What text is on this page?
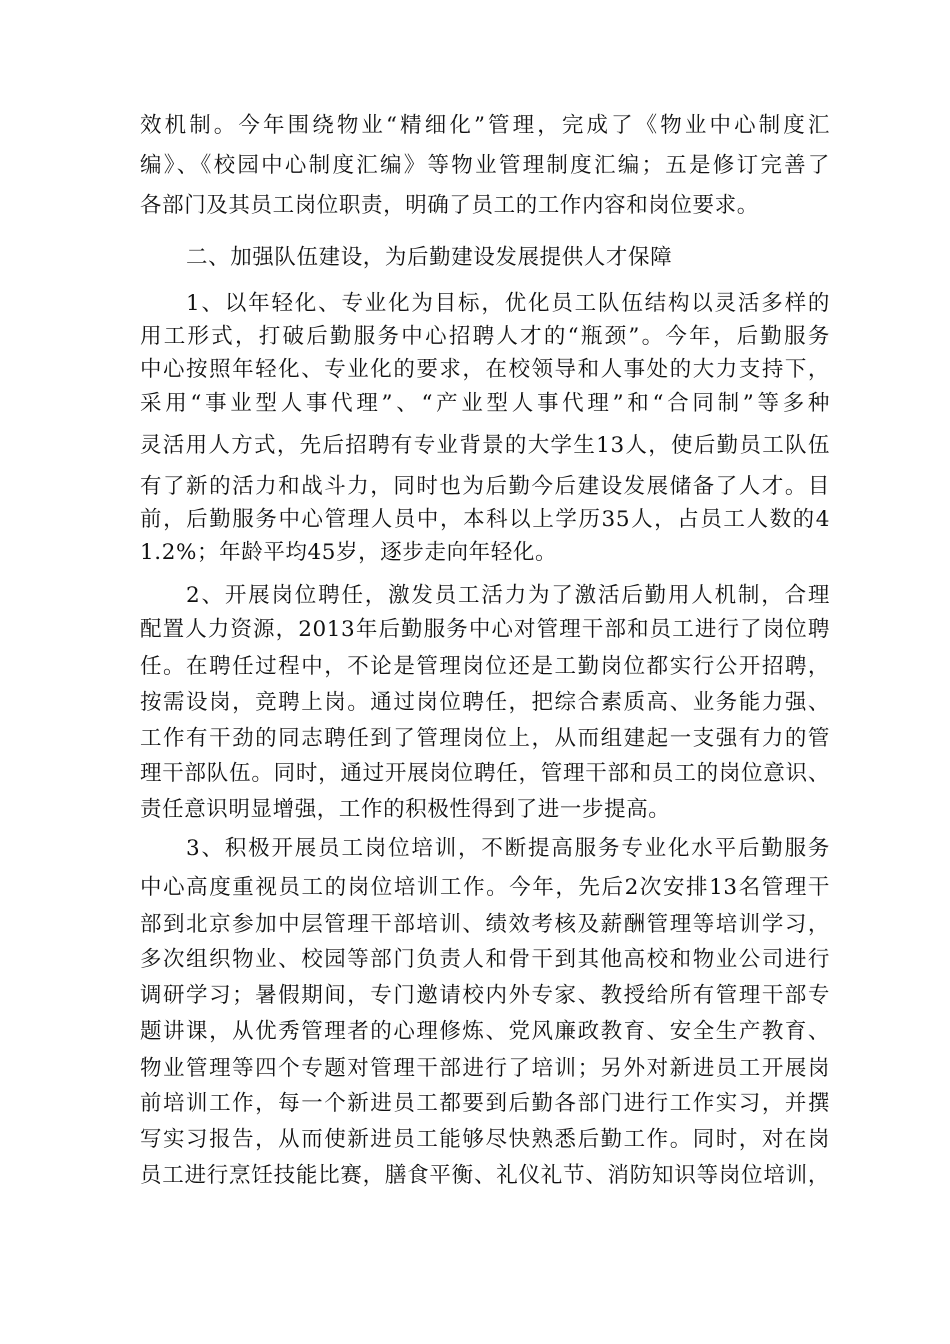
效机制。今年围绕物业“精细化”管理，完成了《物业中心制度汇
编》、《校园中心制度汇编》等物业管理制度汇编；五是修订完善了
各部门及其员工岗位职责，明确了员工的工作内容和岗位要求。
二、加强队伍建设，为后勤建设发展提供人才保障
1、以年轻化、专业化为目标，优化员工队伍结构以灵活多样的
用工形式，打破后勤服务中心招聘人才的“瓶颈”。今年，后勤服务
中心按照年轻化、专业化的要求，在校领导和人事处的大力支持下，
采用“事业型人事代理”、“产业型人事代理”和“合同制”等多种
灵活用人方式，先后招聘有专业背景的大学生13人，使后勤员工队伍
有了新的活力和战斗力，同时也为后勤今后建设发展储备了人才。目
前，后勤服务中心管理人员中，本科以上学历35人，占员工人数的4
1.2%；年龄平均45岁，逐步走向年轻化。
2、开展岗位聘任，激发员工活力为了激活后勤用人机制，合理
配置人力资源，2013年后勤服务中心对管理干部和员工进行了岗位聘
任。在聘任过程中，不论是管理岗位还是工勤岗位都实行公开招聘，
按需设岗，竞聘上岗。通过岗位聘任，把综合素质高、业务能力强、
工作有干劲的同志聘任到了管理岗位上，从而组建起一支强有力的管
理干部队伍。同时，通过开展岗位聘任，管理干部和员工的岗位意识、
责任意识明显增强，工作的积极性得到了进一步提高。
3、积极开展员工岗位培训，不断提高服务专业化水平后勤服务
中心高度重视员工的岗位培训工作。今年，先后2次安排13名管理干
部到北京参加中层管理干部培训、绩效考核及薪酬管理等培训学习，
多次组织物业、校园等部门负责人和骨干到其他高校和物业公司进行
调研学习；暑假期间，专门邀请校内外专家、教授给所有管理干部专
题讲课，从优秀管理者的心理修炼、党风廉政教育、安全生产教育、
物业管理等四个专题对管理干部进行了培训；另外对新进员工开展岗
前培训工作，每一个新进员工都要到后勤各部门进行工作实习，并撰
写实习报告，从而使新进员工能够尽快熟悉后勤工作。同时，对在岗
员工进行烹饪技能比赛，膳食平衡、礼仪礼节、消防知识等岗位培训，
